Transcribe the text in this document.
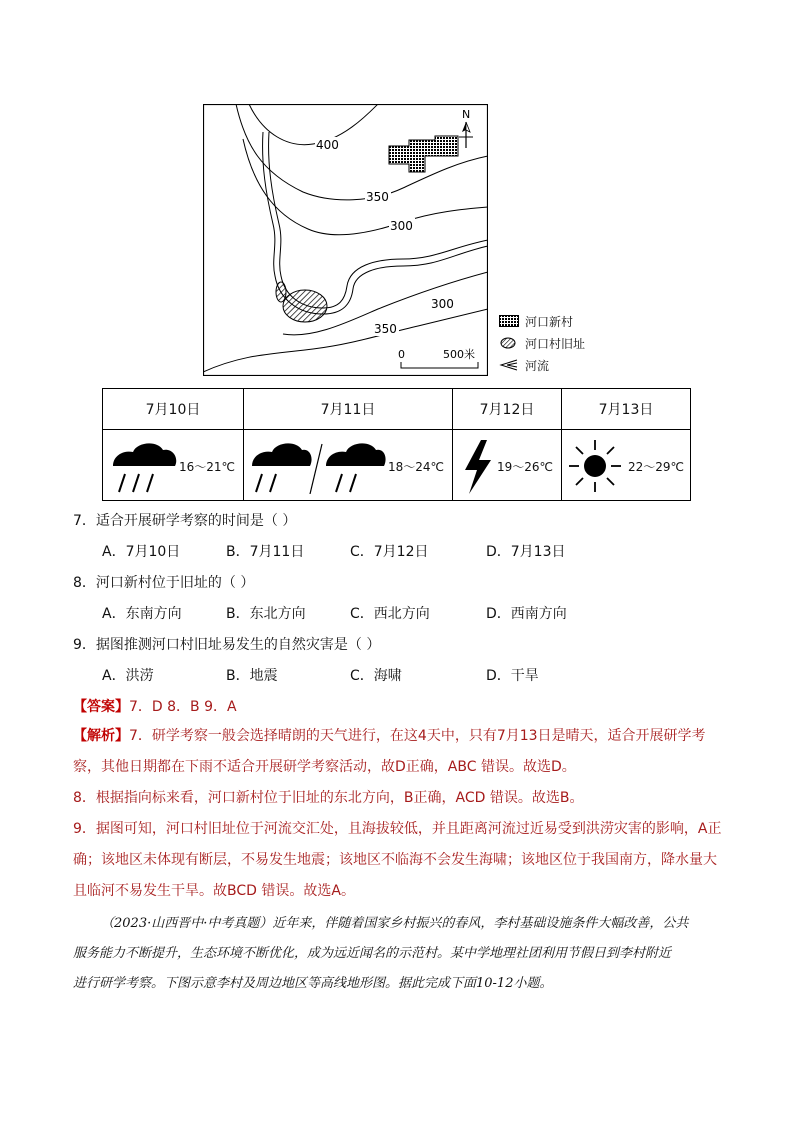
400
350
300
300
350
N
0	500米
河口新村
河口村旧址
河流
7月10日	7月11日	7月12日	7月13日

16～21℃	18～24℃	19～26℃	22～29℃
7．适合开展研学考察的时间是（ ）
A．7月10日	B．7月11日	C．7月12日	D．7月13日
8．河口新村位于旧址的（ ）
A．东南方向	B．东北方向	C．西北方向	D．西南方向
9．据图推测河口村旧址易发生的自然灾害是（ ）
A．洪涝	B．地震	C．海啸	D．干旱
【答案】7．D 8．B 9．A
【解析】7．研学考察一般会选择晴朗的天气进行，在这4天中，只有7月13日是晴天，适合开展研学考
察，其他日期都在下雨不适合开展研学考察活动，故D正确，ABC 错误。故选D。
8．根据指向标来看，河口新村位于旧址的东北方向，B正确，ACD 错误。故选B。
9．据图可知，河口村旧址位于河流交汇处，且海拔较低，并且距离河流过近易受到洪涝灾害的影响，A正
确；该地区未体现有断层，不易发生地震；该地区不临海不会发生海啸；该地区位于我国南方，降水量大
且临河不易发生干旱。故BCD 错误。故选A。
（2023·山西晋中·中考真题）近年来，伴随着国家乡村振兴的春风，李村基础设施条件大幅改善，公共
服务能力不断提升，生态环境不断优化，成为远近闻名的示范村。某中学地理社团利用节假日到李村附近
进行研学考察。下图示意李村及周边地区等高线地形图。据此完成下面10-12小题。
